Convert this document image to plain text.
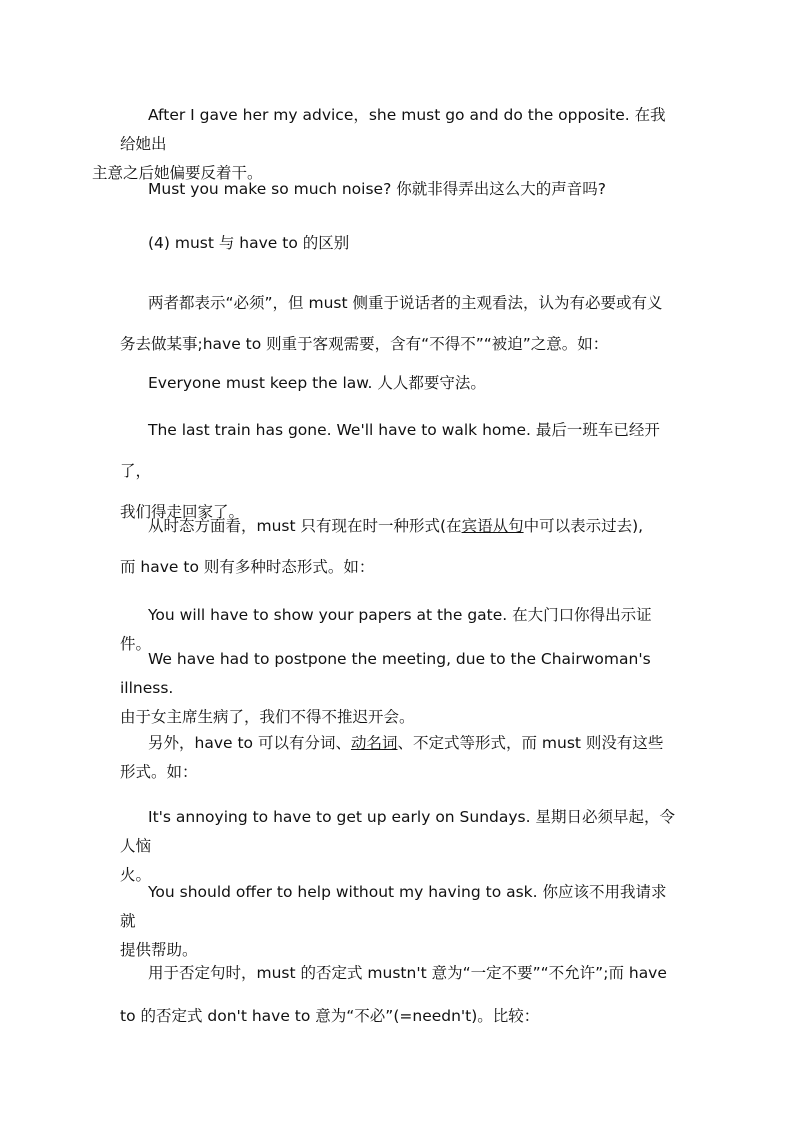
After I gave her my advice，she must go and do the opposite. 在我给她出
主意之后她偏要反着干。
Must you make so much noise? 你就非得弄出这么大的声音吗?
(4) must 与 have to 的区别
两者都表示“必须”，但 must 侧重于说话者的主观看法，认为有必要或有义
务去做某事;have to 则重于客观需要，含有“不得不”“被迫”之意。如：
Everyone must keep the law. 人人都要守法。
The last train has gone. We'll have to walk home. 最后一班车已经开了，
我们得走回家了。
从时态方面看，must 只有现在时一种形式(在宾语从句中可以表示过去),
而 have to 则有多种时态形式。如：
You will have to show your papers at the gate. 在大门口你得出示证件。
We have had to postpone the meeting, due to the Chairwoman's illness.
由于女主席生病了，我们不得不推迟开会。
另外，have to 可以有分词、动名词、不定式等形式，而 must 则没有这些
形式。如：
It's annoying to have to get up early on Sundays. 星期日必须早起，令人恼
火。
You should offer to help without my having to ask. 你应该不用我请求就
提供帮助。
用于否定句时，must 的否定式 mustn't 意为“一定不要”“不允许”;而 have
to 的否定式 don't have to 意为“不必”(=needn't)。比较：
